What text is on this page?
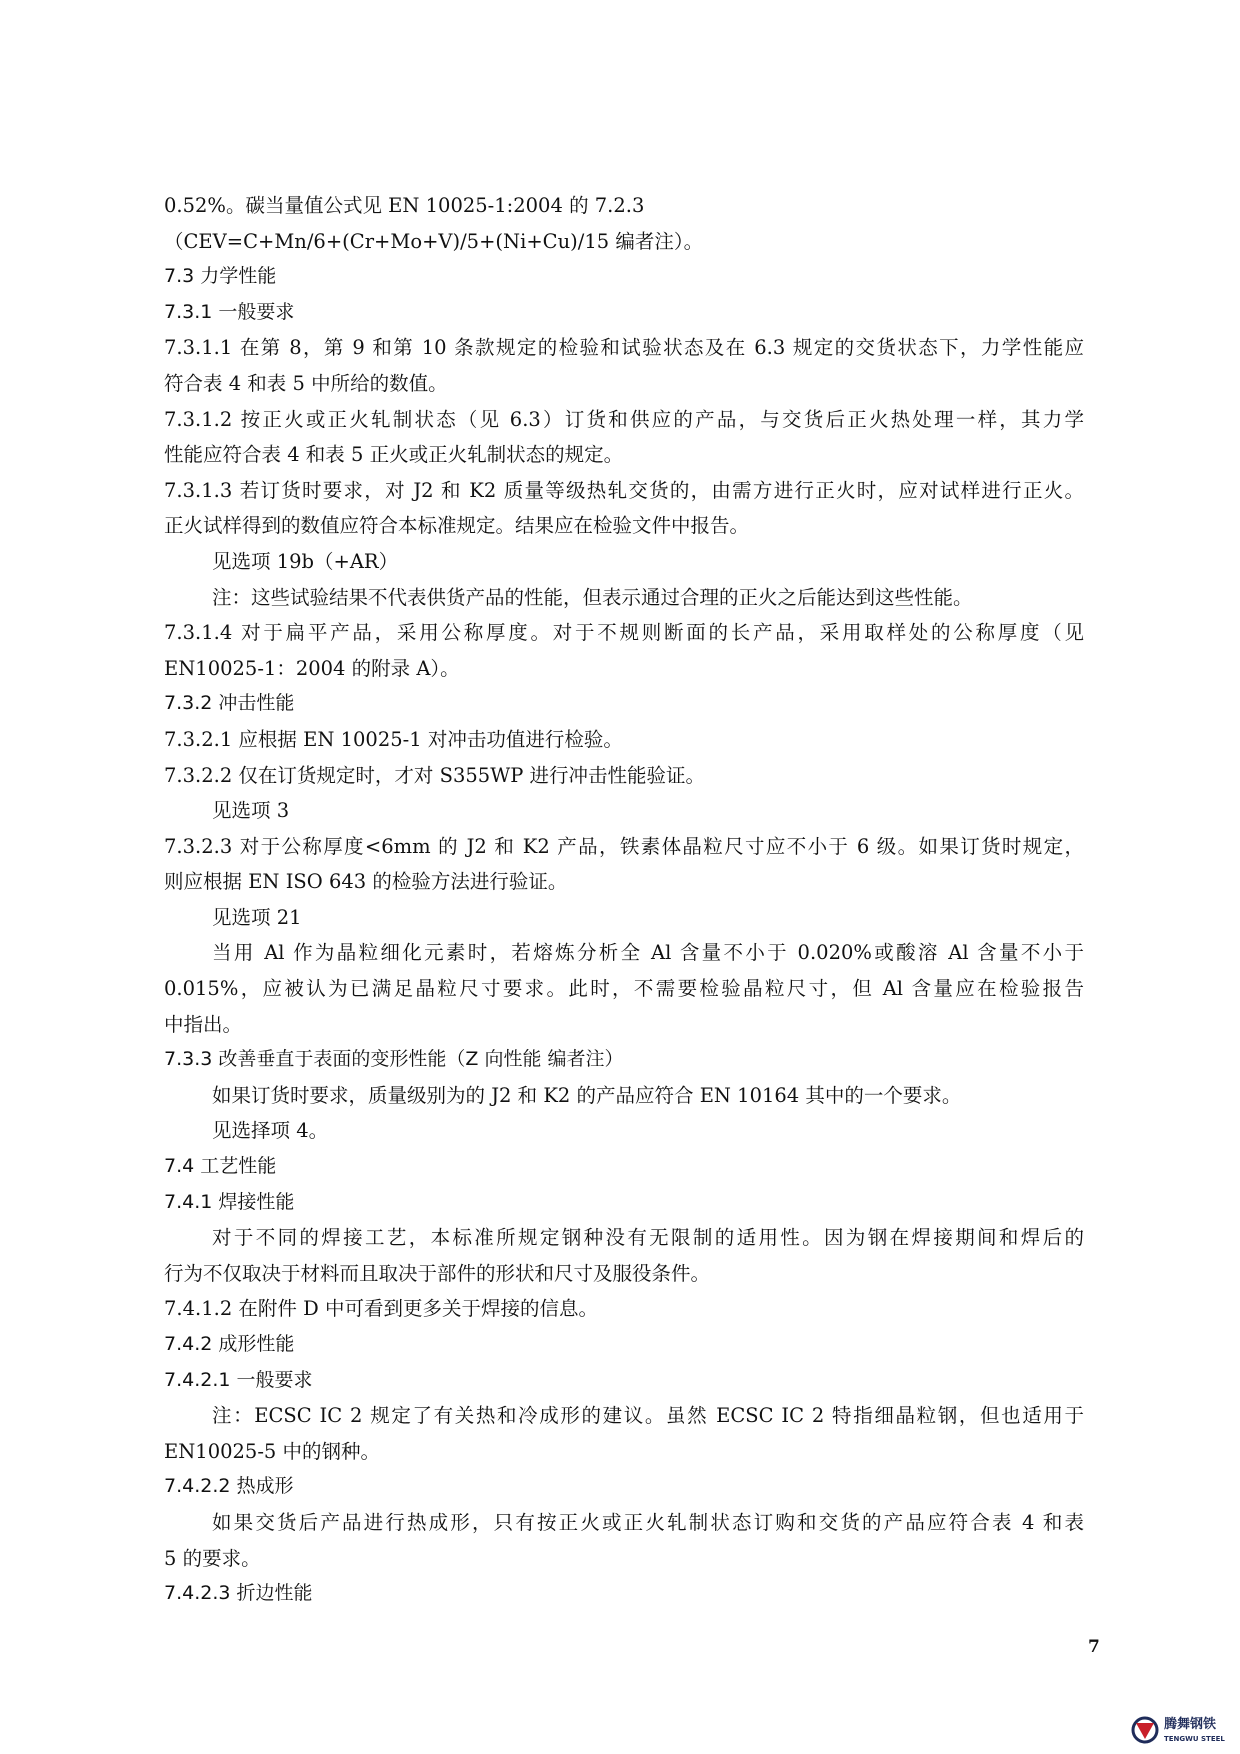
0.52%。碳当量值公式见 EN 10025-1:2004 的 7.2.3
（CEV=C+Mn/6+(Cr+Mo+V)/5+(Ni+Cu)/15 编者注）。
7.3 力学性能
7.3.1 一般要求
7.3.1.1 在第 8，第 9 和第 10 条款规定的检验和试验状态及在 6.3 规定的交货状态下，力学性能应
符合表 4 和表 5 中所给的数值。
7.3.1.2 按正火或正火轧制状态（见 6.3）订货和供应的产品，与交货后正火热处理一样，其力学
性能应符合表 4 和表 5 正火或正火轧制状态的规定。
7.3.1.3 若订货时要求，对 J2 和 K2 质量等级热轧交货的，由需方进行正火时，应对试样进行正火。
正火试样得到的数值应符合本标准规定。结果应在检验文件中报告。
见选项 19b（+AR）
注：这些试验结果不代表供货产品的性能，但表示通过合理的正火之后能达到这些性能。
7.3.1.4 对于扁平产品，采用公称厚度。对于不规则断面的长产品，采用取样处的公称厚度（见
EN10025-1：2004 的附录 A）。
7.3.2 冲击性能
7.3.2.1 应根据 EN 10025-1 对冲击功值进行检验。
7.3.2.2 仅在订货规定时，才对 S355WP 进行冲击性能验证。
见选项 3
7.3.2.3 对于公称厚度<6mm 的 J2 和 K2 产品，铁素体晶粒尺寸应不小于 6 级。如果订货时规定，
则应根据 EN ISO 643 的检验方法进行验证。
见选项 21
当用 Al 作为晶粒细化元素时，若熔炼分析全 Al 含量不小于 0.020%或酸溶 Al 含量不小于
0.015%，应被认为已满足晶粒尺寸要求。此时，不需要检验晶粒尺寸，但 Al 含量应在检验报告
中指出。
7.3.3 改善垂直于表面的变形性能（Z 向性能 编者注）
如果订货时要求，质量级别为的 J2 和 K2 的产品应符合 EN 10164 其中的一个要求。
见选择项 4。
7.4 工艺性能
7.4.1 焊接性能
对于不同的焊接工艺，本标准所规定钢种没有无限制的适用性。因为钢在焊接期间和焊后的
行为不仅取决于材料而且取决于部件的形状和尺寸及服役条件。
7.4.1.2 在附件 D 中可看到更多关于焊接的信息。
7.4.2 成形性能
7.4.2.1 一般要求
注：ECSC IC 2 规定了有关热和冷成形的建议。虽然 ECSC IC 2 特指细晶粒钢，但也适用于
EN10025-5 中的钢种。
7.4.2.2 热成形
如果交货后产品进行热成形，只有按正火或正火轧制状态订购和交货的产品应符合表 4 和表
5 的要求。
7.4.2.3 折边性能
7
腾舞钢铁
TENGWU STEEL
